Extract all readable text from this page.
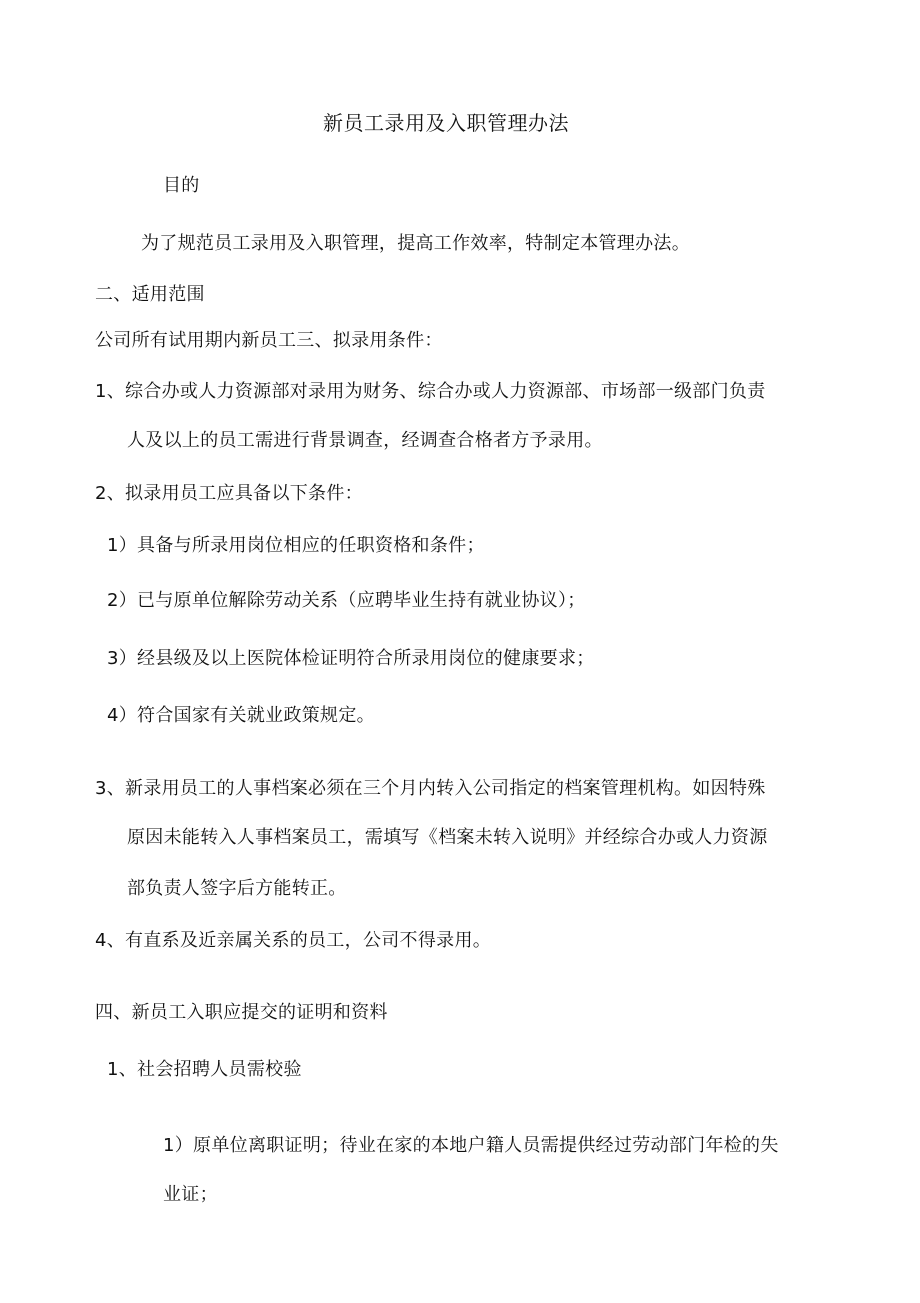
新员工录用及入职管理办法
目的
为了规范员工录用及入职管理，提高工作效率，特制定本管理办法。
二、适用范围
公司所有试用期内新员工三、拟录用条件：
1、综合办或人力资源部对录用为财务、综合办或人力资源部、市场部一级部门负责
人及以上的员工需进行背景调查，经调查合格者方予录用。
2、拟录用员工应具备以下条件：
1）具备与所录用岗位相应的任职资格和条件；
2）已与原单位解除劳动关系（应聘毕业生持有就业协议）；
3）经县级及以上医院体检证明符合所录用岗位的健康要求；
4）符合国家有关就业政策规定。
3、新录用员工的人事档案必须在三个月内转入公司指定的档案管理机构。如因特殊
原因未能转入人事档案员工，需填写《档案未转入说明》并经综合办或人力资源
部负责人签字后方能转正。
4、有直系及近亲属关系的员工，公司不得录用。
四、新员工入职应提交的证明和资料
1、社会招聘人员需校验
1）原单位离职证明；待业在家的本地户籍人员需提供经过劳动部门年检的失
业证；
